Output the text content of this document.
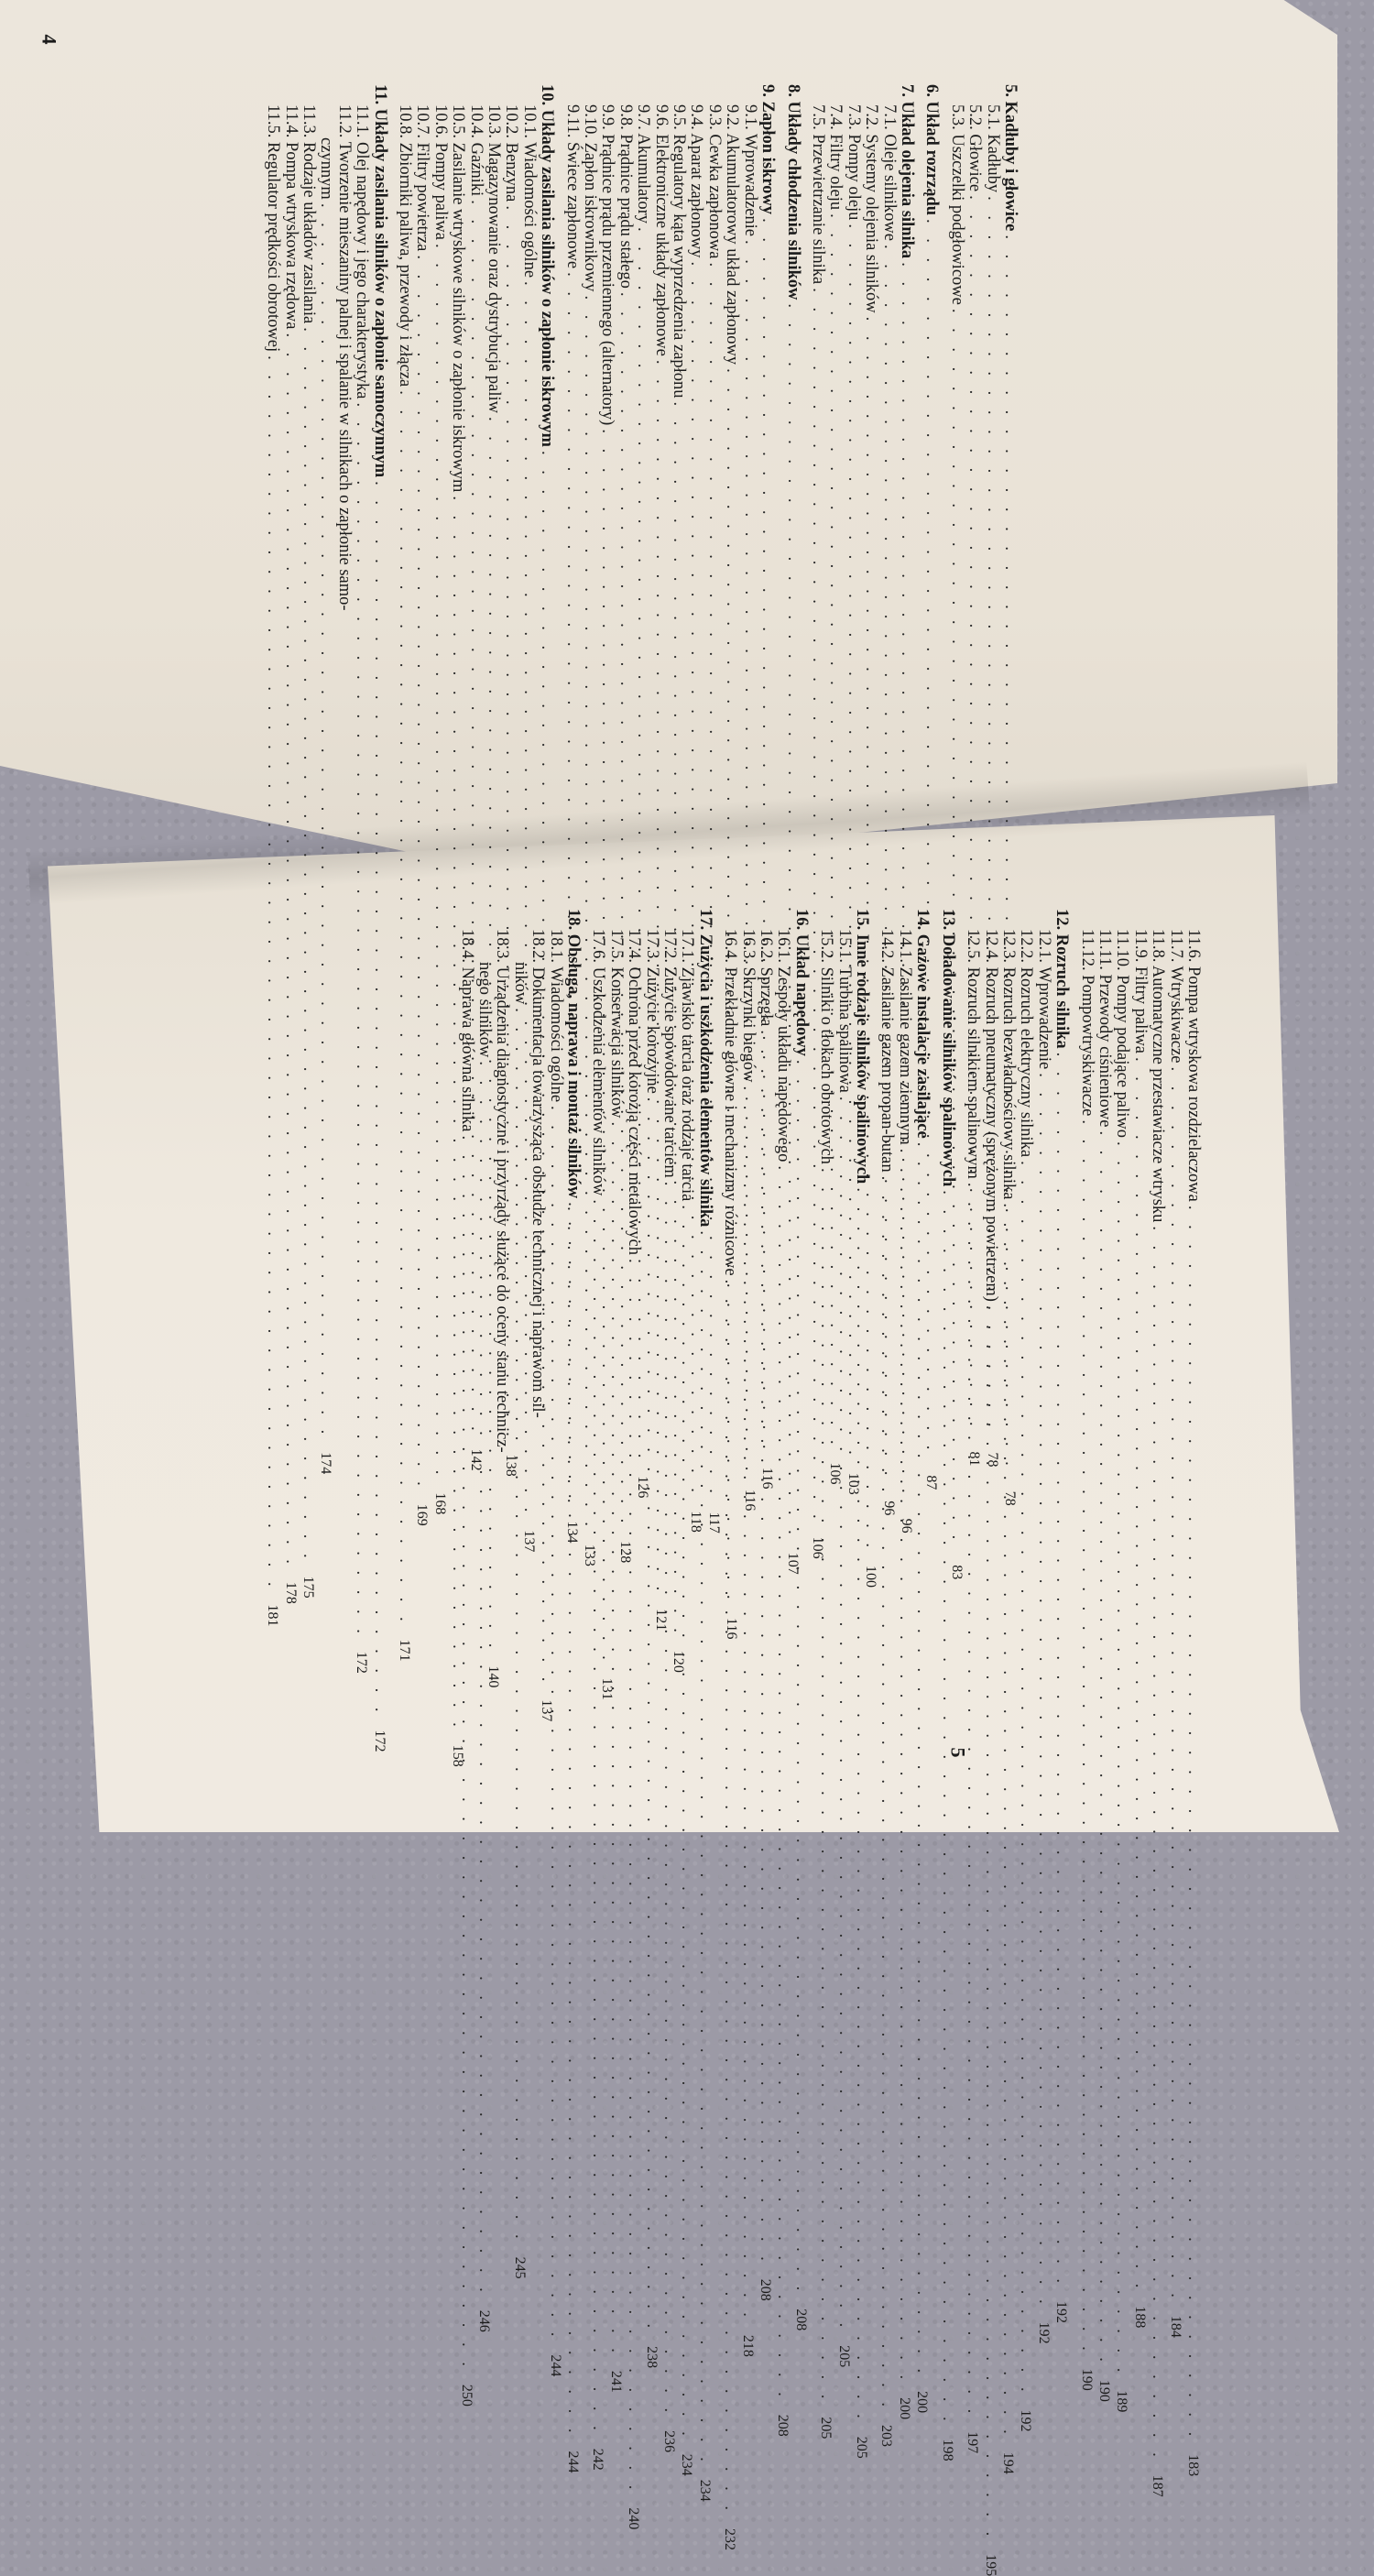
4
5
5. Kadłuby i głowice
. . .
78
5.1. Kadłuby
. . .
78
5.2. Głowice
. . .
81
5.3. Uszczelki podgłowicowe
. . .
83
6. Układ rozrządu
. . .
87
7. Układ olejenia silnika
. . .
96
7.1. Oleje silnikowe
. . .
96
7.2. Systemy olejenia silników
. . .
100
7.3. Pompy oleju
. . .
103
7.4. Filtry oleju
. . .
106
7.5. Przewietrzanie silnika
. . .
106
8. Układy chłodzenia silników
. . .
107
9. Zapłon iskrowy
. . .
116
9.1. Wprowadzenie
. . .
116
9.2. Akumulatorowy układ zapłonowy
. . .
116
9.3. Cewka zapłonowa
. . .
117
9.4. Aparat zapłonowy
. . .
118
9.5. Regulatory kąta wyprzedzenia zapłonu
. . .
120
9.6. Elektroniczne układy zapłonowe
. . .
121
9.7. Akumulatory
. . .
126
9.8. Prądnice prądu stałego
. . .
128
9.9. Prądnice prądu przemiennego (alternatory)
. . .
131
9.10. Zapłon iskrownikowy
. . .
133
9.11. Świece zapłonowe
. . .
134
10. Układy zasilania silników o zapłonie iskrowym
. . .
137
10.1. Wiadomości ogólne
. . .
137
10.2. Benzyna
. . .
138
10.3. Magazynowanie oraz dystrybucja paliw
. . .
140
10.4. Gaźniki
. . .
142
10.5. Zasilanie wtryskowe silników o zapłonie iskrowym
. . .
158
10.6. Pompy paliwa
. . .
168
10.7. Filtry powietrza
. . .
169
10.8. Zbiorniki paliwa, przewody i złącza
. . .
171
11. Układy zasilania silników o zapłonie samoczynnym
. . .
172
11.1. Olej napędowy i jego charakterystyka
. . .
172
11.2. Tworzenie mieszaniny palnej i spalanie w silnikach o zapłonie samo-
czynnym
. . .
174
11.3. Rodzaje układów zasilania
. . .
175
11.4. Pompa wtryskowa rzędowa
. . .
178
11.5. Regulator prędkości obrotowej
. . .
181
11.6. Pompa wtryskowa rozdzielaczowa
. . .
183
11.7. Wtryskiwacze
. . .
184
11.8. Automatyczne przestawiacze wtrysku
. . .
187
11.9. Filtry paliwa
. . .
188
11.10. Pompy podające paliwo
. . .
189
11.11. Przewody ciśnieniowe
. . .
190
11.12. Pompowtryskiwacze
. . .
190
12. Rozruch silnika
. . .
192
12.1. Wprowadzenie
. . .
192
12.2. Rozruch elektryczny silnika
. . .
192
12.3. Rozruch bezwładnościowy silnika
. . .
194
12.4. Rozruch pneumatyczny (sprężonym powietrzem)
. . .
195
12.5. Rozruch silnikiem spalinowym
. . .
197
13. Doładowanie silników spalinowych
. . .
198
14. Gazowe instalacje zasilające
. . .
200
14.1. Zasilanie gazem ziemnym
. . .
200
14.2. Zasilanie gazem propan-butan
. . .
203
15. Inne rodzaje silników spalinowych
. . .
205
15.1. Turbina spalinowa
. . .
205
15.2. Silniki o tłokach obrotowych
. . .
205
16. Układ napędowy
. . .
208
16.1. Zespoły układu napędowego
. . .
208
16.2. Sprzęgła
. . .
208
16.3. Skrzynki biegów
. . .
218
16.4. Przekładnie główne i mechanizmy różnicowe
. . .
232
17. Zużycia i uszkodzenia elementów silnika
. . .
234
17.1. Zjawisko tarcia oraz rodzaje tarcia
. . .
234
17.2. Zużycie spowodowane tarciem
. . .
236
17.3. Zużycie korozyjne
. . .
238
17.4. Ochrona przed korozją części metalowych
. . .
240
17.5. Konserwacja silników
. . .
241
17.6. Uszkodzenia elementów silników
. . .
242
18. Obsługa, naprawa i montaż silników
. . .
244
18.1. Wiadomości ogólne
. . .
244
18.2. Dokumentacja towarzysząca obsłudze technicznej i naprawom sil-
ników
. . .
245
18.3. Urządzenia diagnostyczne i przyrządy służące do oceny stanu technicz-
nego silników
. . .
246
18.4. Naprawa główna silnika
. . .
250
